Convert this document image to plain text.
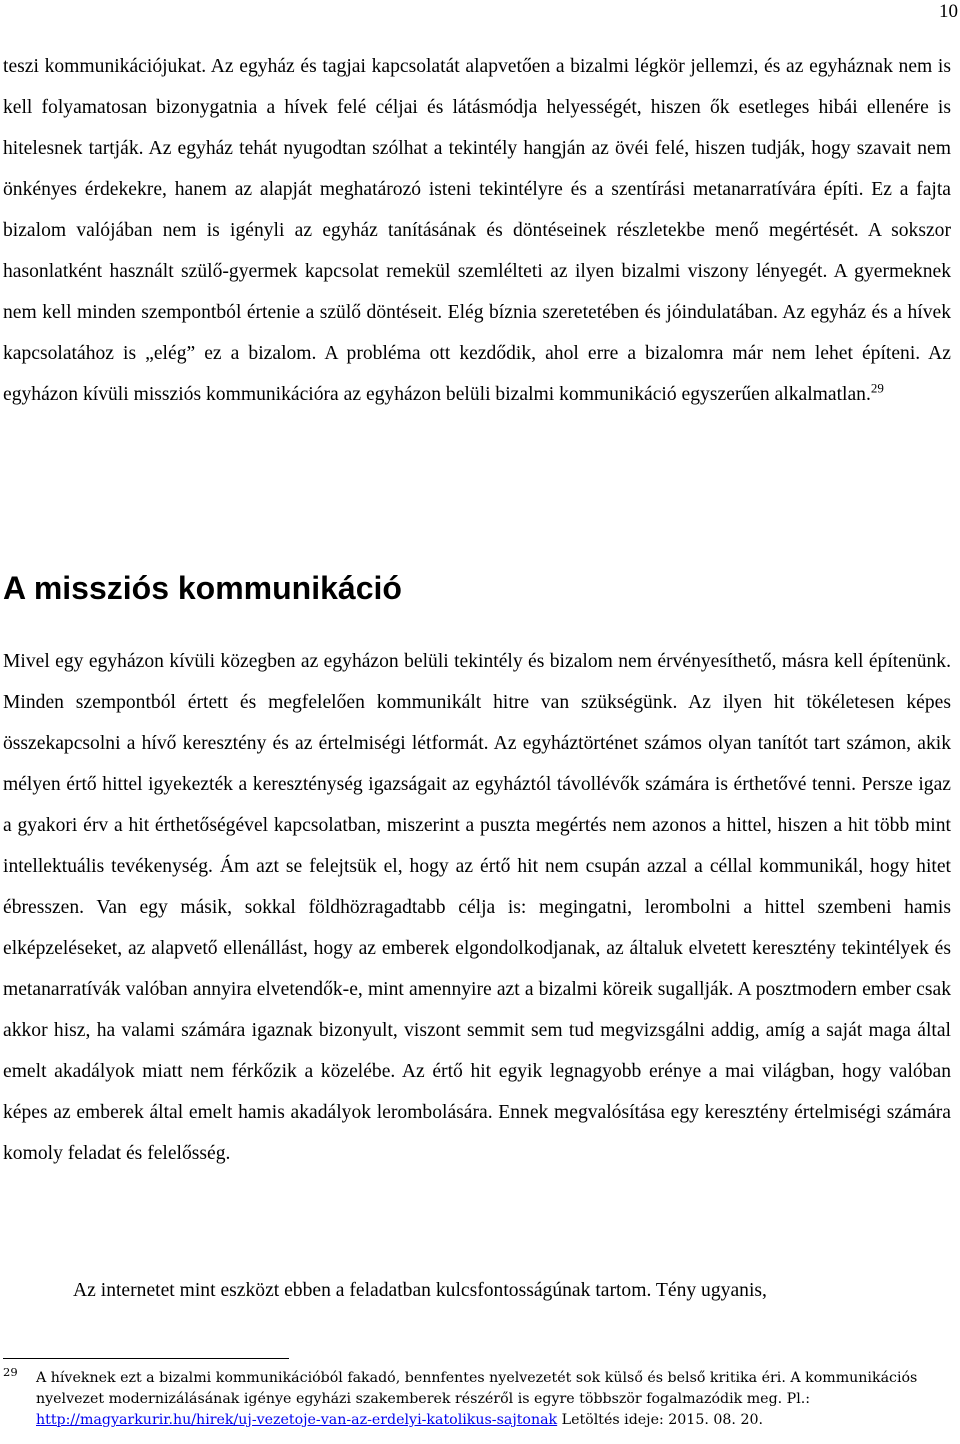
10

teszi kommunikációjukat. Az egyház és tagjai kapcsolatát alapvetően a bizalmi légkör jellemzi, és az egyháznak nem is kell folyamatosan bizonygatnia a hívek felé céljai és látásmódja helyességét, hiszen ők esetleges hibái ellenére is hitelesnek tartják. Az egyház tehát nyugodtan szólhat a tekintély hangján az övéi felé, hiszen tudják, hogy szavait nem önkényes érdekekre, hanem az alapját meghatározó isteni tekintélyre és a szentírási metanarratívára építi. Ez a fajta bizalom valójában nem is igényli az egyház tanításának és döntéseinek részletekbe menő megértését. A sokszor hasonlatként használt szülő-gyermek kapcsolat remekül szemlélteti az ilyen bizalmi viszony lényegét. A gyermeknek nem kell minden szempontból értenie a szülő döntéseit. Elég bíznia szeretetében és jóindulatában. Az egyház és a hívek kapcsolatához is „elég” ez a bizalom. A probléma ott kezdődik, ahol erre a bizalomra már nem lehet építeni. Az egyházon kívüli missziós kommunikációra az egyházon belüli bizalmi kommunikáció egyszerűen alkalmatlan.$^{29}$

A missziós kommunikáció

Mivel egy egyházon kívüli közegben az egyházon belüli tekintély és bizalom nem érvényesíthető, másra kell építenünk. Minden szempontból értett és megfelelően kommunikált hitre van szükségünk. Az ilyen hit tökéletesen képes összekapcsolni a hívő keresztény és az értelmiségi létformát. Az egyháztörténet számos olyan tanítót tart számon, akik mélyen értő hittel igyekezték a kereszténység igazságait az egyháztól távollévők számára is érthetővé tenni. Persze igaz a gyakori érv a hit érthetőségével kapcsolatban, miszerint a puszta megértés nem azonos a hittel, hiszen a hit több mint intellektuális tevékenység. Ám azt se felejtsük el, hogy az értő hit nem csupán azzal a céllal kommunikál, hogy hitet ébresszen. Van egy másik, sokkal földhözragadtabb célja is: megingatni, lerombolni a hittel szembeni hamis elképzeléseket, az alapvető ellenállást, hogy az emberek elgondolkodjanak, az általuk elvetett keresztény tekintélyek és metanarratívák valóban annyira elvetendők-e, mint amennyire azt a bizalmi köreik sugallják. A posztmodern ember csak akkor hisz, ha valami számára igaznak bizonyult, viszont semmit sem tud megvizsgálni addig, amíg a saját maga által emelt akadályok miatt nem férkőzik a közelébe. Az értő hit egyik legnagyobb erénye a mai világban, hogy valóban képes az emberek által emelt hamis akadályok lerombolására. Ennek megvalósítása egy keresztény értelmiségi számára komoly feladat és felelősség.

Az internetet mint eszközt ebben a feladatban kulcsfontosságúnak tartom. Tény ugyanis,

29 A híveknek ezt a bizalmi kommunikációból fakadó, bennfentes nyelvezetét sok külső és belső kritika éri. A kommunikációs nyelvezet modernizálásának igénye egyházi szakemberek részéről is egyre többször fogalmazódik meg. Pl.: http://magyarkurir.hu/hirek/uj-vezetoje-van-az-erdelyi-katolikus-sajtonak Letöltés ideje: 2015. 08. 20.
